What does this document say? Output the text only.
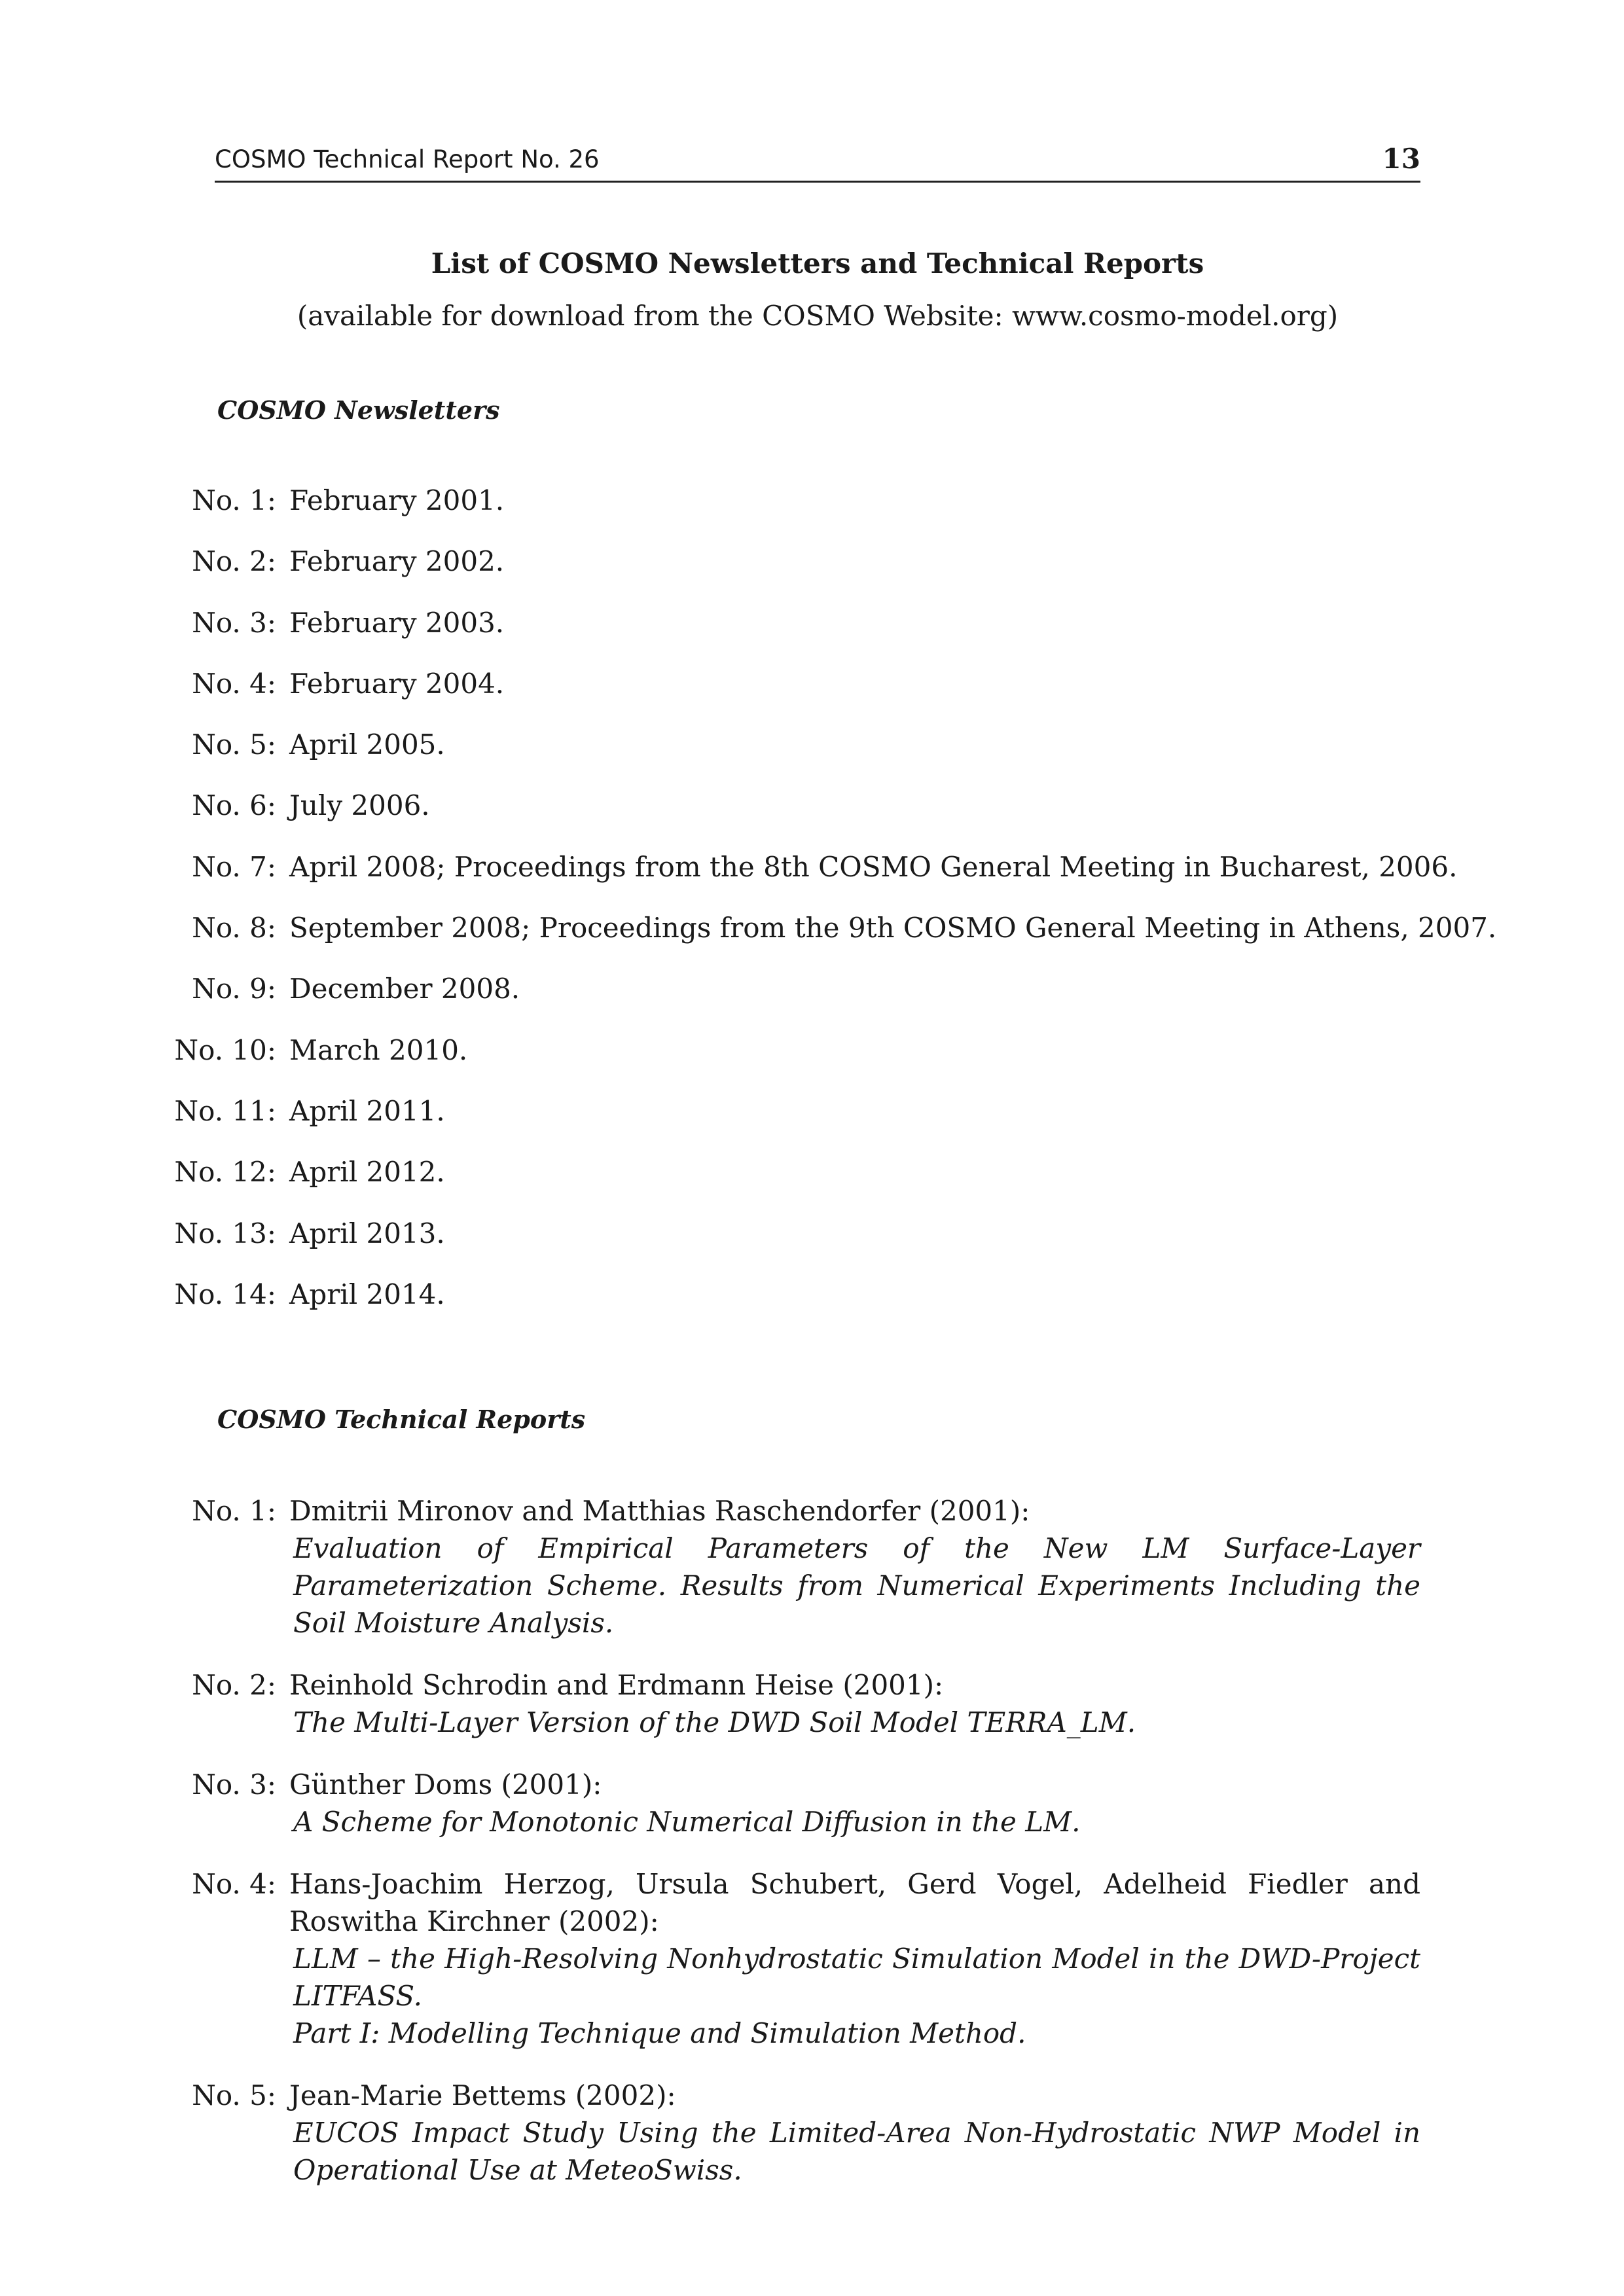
COSMO Technical Report No. 26	13
List of COSMO Newsletters and Technical Reports
(available for download from the COSMO Website: www.cosmo-model.org)
COSMO Newsletters
No. 1: February 2001.
No. 2: February 2002.
No. 3: February 2003.
No. 4: February 2004.
No. 5: April 2005.
No. 6: July 2006.
No. 7: April 2008; Proceedings from the 8th COSMO General Meeting in Bucharest, 2006.
No. 8: September 2008; Proceedings from the 9th COSMO General Meeting in Athens, 2007.
No. 9: December 2008.
No. 10: March 2010.
No. 11: April 2011.
No. 12: April 2012.
No. 13: April 2013.
No. 14: April 2014.
COSMO Technical Reports
No. 1: Dmitrii Mironov and Matthias Raschendorfer (2001):
Evaluation of Empirical Parameters of the New LM Surface-Layer Parameterization Scheme. Results from Numerical Experiments Including the Soil Moisture Analysis.
No. 2: Reinhold Schrodin and Erdmann Heise (2001):
The Multi-Layer Version of the DWD Soil Model TERRA_LM.
No. 3: Günther Doms (2001):
A Scheme for Monotonic Numerical Diffusion in the LM.
No. 4: Hans-Joachim Herzog, Ursula Schubert, Gerd Vogel, Adelheid Fiedler and Roswitha Kirchner (2002):
LLM – the High-Resolving Nonhydrostatic Simulation Model in the DWD-Project LITFASS.
Part I: Modelling Technique and Simulation Method.
No. 5: Jean-Marie Bettems (2002):
EUCOS Impact Study Using the Limited-Area Non-Hydrostatic NWP Model in Operational Use at MeteoSwiss.
